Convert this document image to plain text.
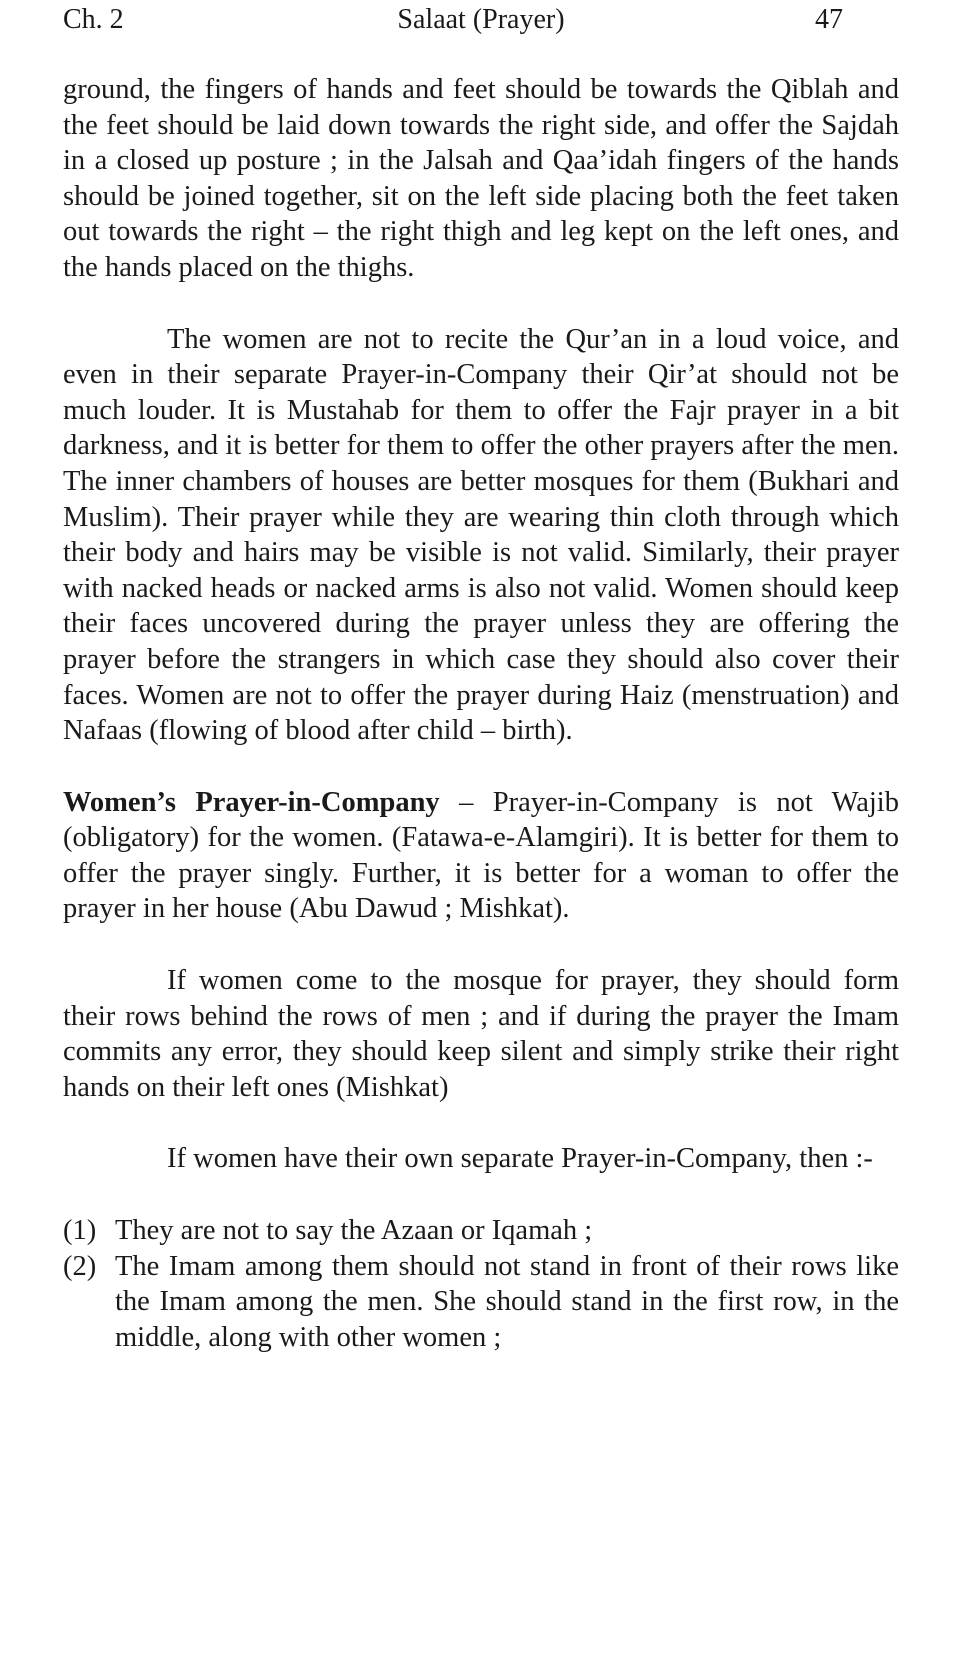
Ch. 2	Salaat (Prayer)	47

ground, the fingers of hands and feet should be towards the Qiblah and the feet should be laid down towards the right side, and offer the Sajdah in a closed up posture ; in the Jalsah and Qaa’idah fingers of the hands should be joined together, sit on the left side placing both the feet taken out towards the right – the right thigh and leg kept on the left ones, and the hands placed on the thighs.

The women are not to recite the Qur’an in a loud voice, and even in their separate Prayer-in-Company their Qir’at should not be much louder. It is Mustahab for them to offer the Fajr prayer in a bit darkness, and it is better for them to offer the other prayers after the men. The inner chambers of houses are better mosques for them (Bukhari and Muslim). Their prayer while they are wearing thin cloth through which their body and hairs may be visible is not valid. Similarly, their prayer with nacked heads or nacked arms is also not valid. Women should keep their faces uncovered during the prayer unless they are offering the prayer before the strangers in which case they should also cover their faces. Women are not to offer the prayer during Haiz (menstruation) and Nafaas (flowing of blood after child – birth).

Women’s Prayer-in-Company – Prayer-in-Company is not Wajib (obligatory) for the women. (Fatawa-e-Alamgiri). It is better for them to offer the prayer singly. Further, it is better for a woman to offer the prayer in her house (Abu Dawud ; Mishkat).

If women come to the mosque for prayer, they should form their rows behind the rows of men ; and if during the prayer the Imam commits any error, they should keep silent and simply strike their right hands on their left ones (Mishkat)

If women have their own separate Prayer-in-Company, then :-

(1) They are not to say the Azaan or Iqamah ;
(2) The Imam among them should not stand in front of their rows like the Imam among the men. She should stand in the first row, in the middle, along with other women ;
